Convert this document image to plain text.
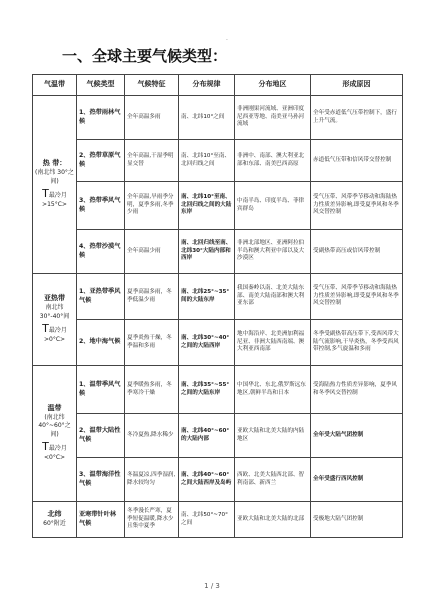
·
一、全球主要气候类型：
气温带	气候类型	气候特征	分布规律	分布地区	形成原因

热 带：
(南北纬 30°之间)
T最冷月 >15°C>	1、热带雨林气候	全年高温多雨	南、北纬10°之间	非洲刚果河流域、亚洲印度尼西亚等地、南美亚马孙河流域	全年受赤道低气压带控制下，盛行上升气流。
	2、热带草原气候	全年高温,干湿季明显交替	南、北纬10°至南、北回归线之间	非洲中、南部、澳大利亚北部和东部、南美巴西高原	赤道低气压带和信风带交替控制
	3、热带季风气候	全年高温,旱雨季分明，夏季多雨,冬季少雨	南、北纬10°至南、北回归线之间的大陆东岸	中南半岛、印度半岛、菲律宾群岛	受气压带、风带季节移动和海陆热力性质差异影响,即受夏季风和冬季风交替控制
	4、热带沙漠气候	全年高温少雨	南、北回归线至南、北纬30°大陆内部和西岸	非洲北部地区、亚洲阿拉伯半岛和澳大利亚中部以及大沙漠区	受副热带高压或信风带控制

亚热带
南北纬 30°-40°间
T最冷月 >0°C>	1、亚热带季风气候	夏季高温多雨，冬季低温少雨	南、北纬25°~35°间的大陆东岸	我国秦岭以南、北美大陆东部、南美大陆南部和澳大利亚东部	受气压带、风带季节移动和海陆热力性质差异影响,即受夏季风和冬季风交替控制
	2、地中海气候	夏季炎热干燥，冬季温和多雨	南、北纬30°~40°之间的大陆西岸	地中海沿岸、北美洲加利福尼亚、非洲大陆西南端、澳大利亚西南部	冬季受副热带高压带下,受西风带大陆气流影响,干旱炎热，冬季受西风带控制,多气旋温和多雨

温带
(南北纬 40°~60°之间)
T最冷月 <0°C>	1、温带季风气候	夏季暖热多雨，冬季寒冷干燥	南、北纬35°~55°之间的大陆东岸	中国华北、东北,俄罗斯远东地区,朝鲜半岛和日本	受海陆热力性质差异影响，夏季风和冬季风交替控制
	2、温带大陆性气候	冬冷夏热,降水稀少	南、北纬40°~60°的大陆内部	亚欧大陆和北美大陆的内陆地区	全年受大陆气团控制
	3、温带海洋性气候	冬温夏凉,四季湿润,降水较均匀	南、北纬40°~60°之间大陆西岸及岛屿	西欧、北美大陆西北部、智利南部、新西兰	全年受盛行西风控制

北纬
60°附近	亚寒带针叶林气候	冬季漫长严寒，夏季短促温暖,降水少且集中夏季	南、北纬50°~70°之间	亚欧大陆和北美大陆的北部	受极地大陆气团控制
1 / 3
